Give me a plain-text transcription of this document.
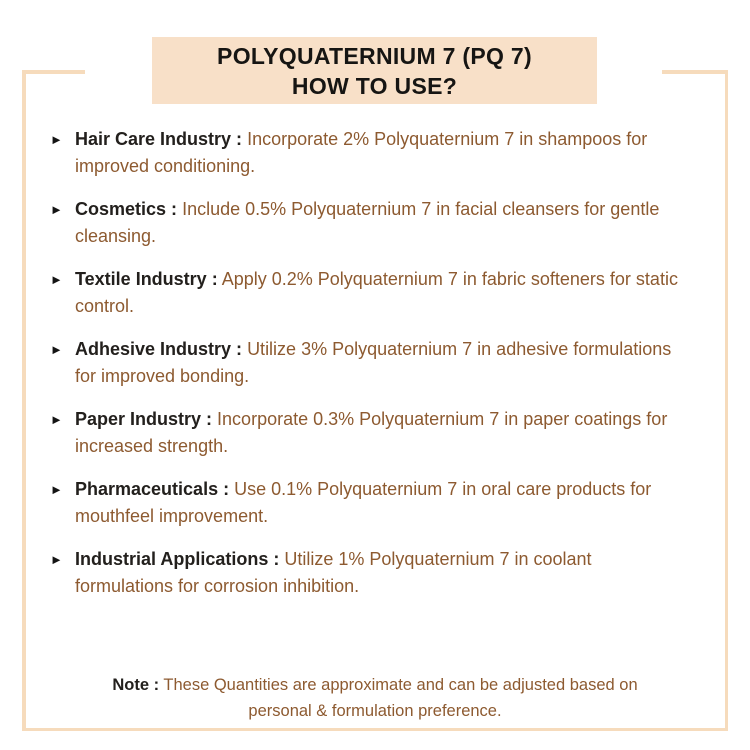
POLYQUATERNIUM 7 (PQ 7)
HOW TO USE?
► Hair Care Industry : Incorporate 2% Polyquaternium 7 in shampoos for improved conditioning.
► Cosmetics : Include 0.5% Polyquaternium 7 in facial cleansers for gentle cleansing.
► Textile Industry : Apply 0.2% Polyquaternium 7 in fabric softeners for static control.
► Adhesive Industry : Utilize 3% Polyquaternium 7 in adhesive formulations for improved bonding.
► Paper Industry : Incorporate 0.3% Polyquaternium 7 in paper coatings for increased strength.
► Pharmaceuticals : Use 0.1% Polyquaternium 7 in oral care products for mouthfeel improvement.
► Industrial Applications : Utilize 1% Polyquaternium 7 in coolant formulations for corrosion inhibition.
Note : These Quantities are approximate and can be adjusted based on personal & formulation preference.
